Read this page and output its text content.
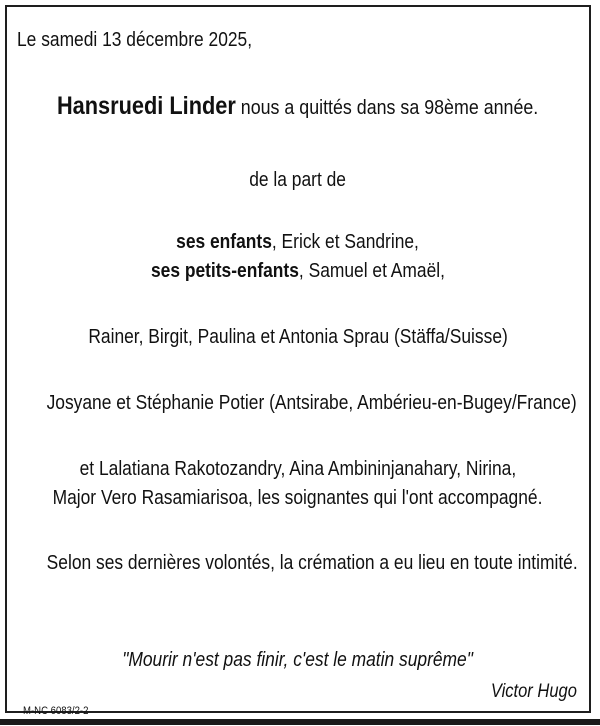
Le samedi 13 décembre 2025,
Hansruedi Linder nous a quittés dans sa 98ème année.
de la part de
ses enfants, Erick et Sandrine,
ses petits-enfants, Samuel et Amaël,
Rainer, Birgit, Paulina et Antonia Sprau (Stäffa/Suisse)
Josyane et Stéphanie Potier (Antsirabe, Ambérieu-en-Bugey/France)
et Lalatiana Rakotozandry, Aina Ambininjanahary, Nirina,
Major Vero Rasamiarisoa, les soignantes qui l'ont accompagné.
Selon ses dernières volontés, la crémation a eu lieu en toute intimité.
"Mourir n'est pas finir, c'est le matin suprême"
Victor Hugo
M-NC 6083/2-2
